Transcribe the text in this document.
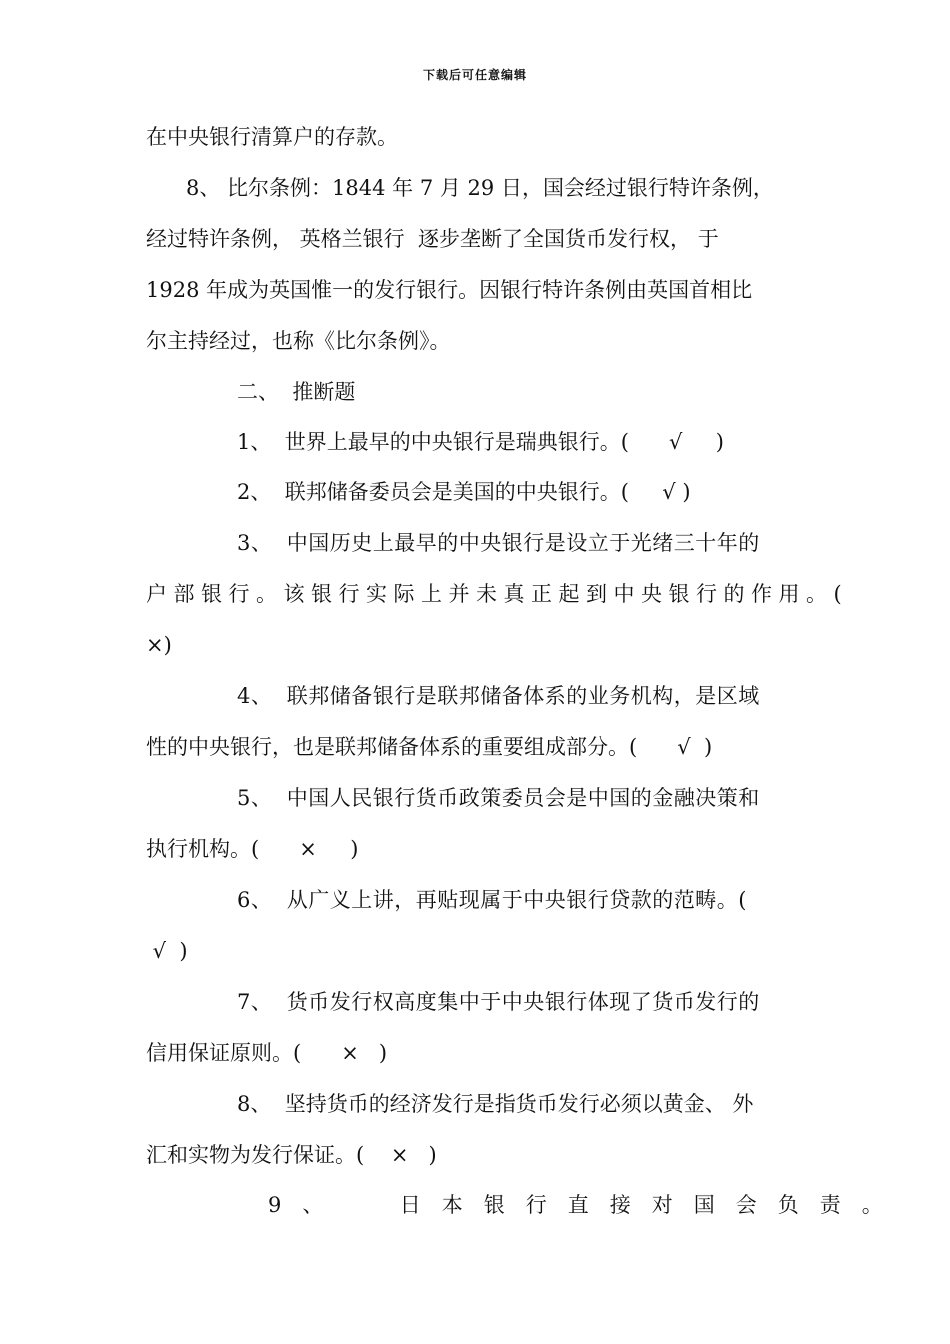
下载后可任意编辑
在中央银行清算户的存款。
8、 比尔条例：1844 年 7 月 29 日，国会经过银行特许条例，
经过特许条例， 英格兰银行  逐步垄断了全国货币发行权， 于
1928 年成为英国惟一的发行银行。因银行特许条例由英国首相比
尔主持经过，也称《比尔条例》。
二、  推断题
1、  世界上最早的中央银行是瑞典银行。(      √     )
2、  联邦储备委员会是美国的中央银行。(     √ )
3、  中国历史上最早的中央银行是设立于光绪三十年的
户部银行。该银行实际上并未真正起到中央银行的作用。(
×)
4、  联邦储备银行是联邦储备体系的业务机构，是区域
性的中央银行，也是联邦储备体系的重要组成部分。(      √  )
5、  中国人民银行货币政策委员会是中国的金融决策和
执行机构。(      ×     )
6、  从广义上讲，再贴现属于中央银行贷款的范畴。(
√  )
7、  货币发行权高度集中于中央银行体现了货币发行的
信用保证原则。(      ×   )
8、  坚持货币的经济发行是指货币发行必须以黄金、 外
汇和实物为发行保证。(    ×   )
9、  日本银行直接对国会负责。
